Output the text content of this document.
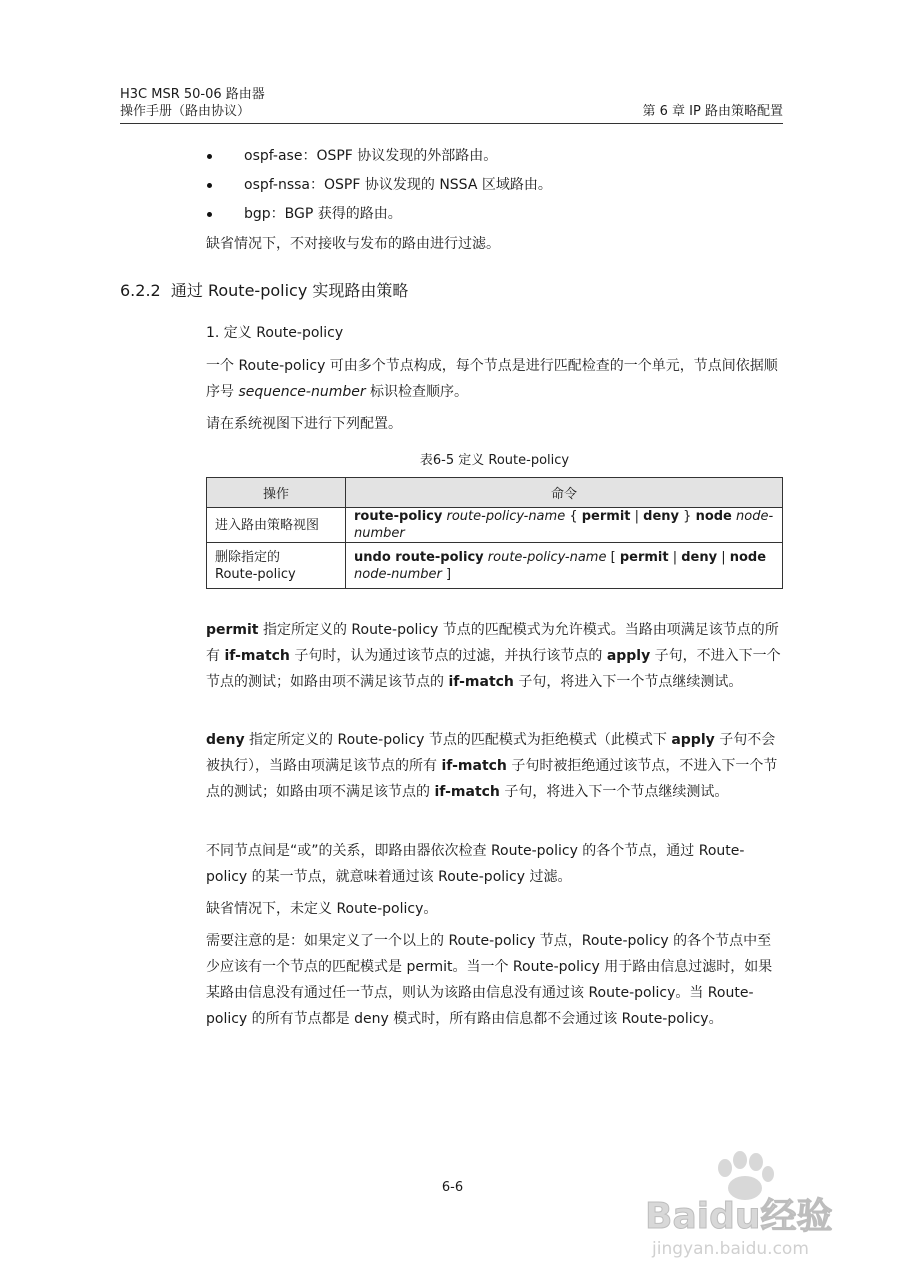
H3C MSR 50-06 路由器
操作手册（路由协议）	第 6 章 IP 路由策略配置
ospf-ase：OSPF 协议发现的外部路由。
ospf-nssa：OSPF 协议发现的 NSSA 区域路由。
bgp：BGP 获得的路由。

缺省情况下，不对接收与发布的路由进行过滤。

6.2.2 通过 Route-policy 实现路由策略
1. 定义 Route-policy

一个 Route-policy 可由多个节点构成，每个节点是进行匹配检查的一个单元，节点间依据顺序号 sequence-number 标识检查顺序。

请在系统视图下进行下列配置。

表6-5 定义 Route-policy
操作	命令
进入路由策略视图	route-policy route-policy-name { permit | deny } node node-number
删除指定的
Route-policy	undo route-policy route-policy-name [ permit | deny | node
node-number ]

permit 指定所定义的 Route-policy 节点的匹配模式为允许模式。当路由项满足该节点的所有 if-match 子句时，认为通过该节点的过滤，并执行该节点的 apply 子句，不进入下一个节点的测试；如路由项不满足该节点的 if-match 子句，将进入下一个节点继续测试。

deny 指定所定义的 Route-policy 节点的匹配模式为拒绝模式（此模式下 apply 子句不会被执行），当路由项满足该节点的所有 if-match 子句时被拒绝通过该节点，不进入下一个节点的测试；如路由项不满足该节点的 if-match 子句，将进入下一个节点继续测试。

不同节点间是“或”的关系，即路由器依次检查 Route-policy 的各个节点，通过 Route-policy 的某一节点，就意味着通过该 Route-policy 过滤。

缺省情况下，未定义 Route-policy。

需要注意的是：如果定义了一个以上的 Route-policy 节点，Route-policy 的各个节点中至少应该有一个节点的匹配模式是 permit。当一个 Route-policy 用于路由信息过滤时，如果某路由信息没有通过任一节点，则认为该路由信息没有通过该 Route-policy。当 Route-policy 的所有节点都是 deny 模式时，所有路由信息都不会通过该 Route-policy。

6-6
Baidu经验
jingyan.baidu.com
